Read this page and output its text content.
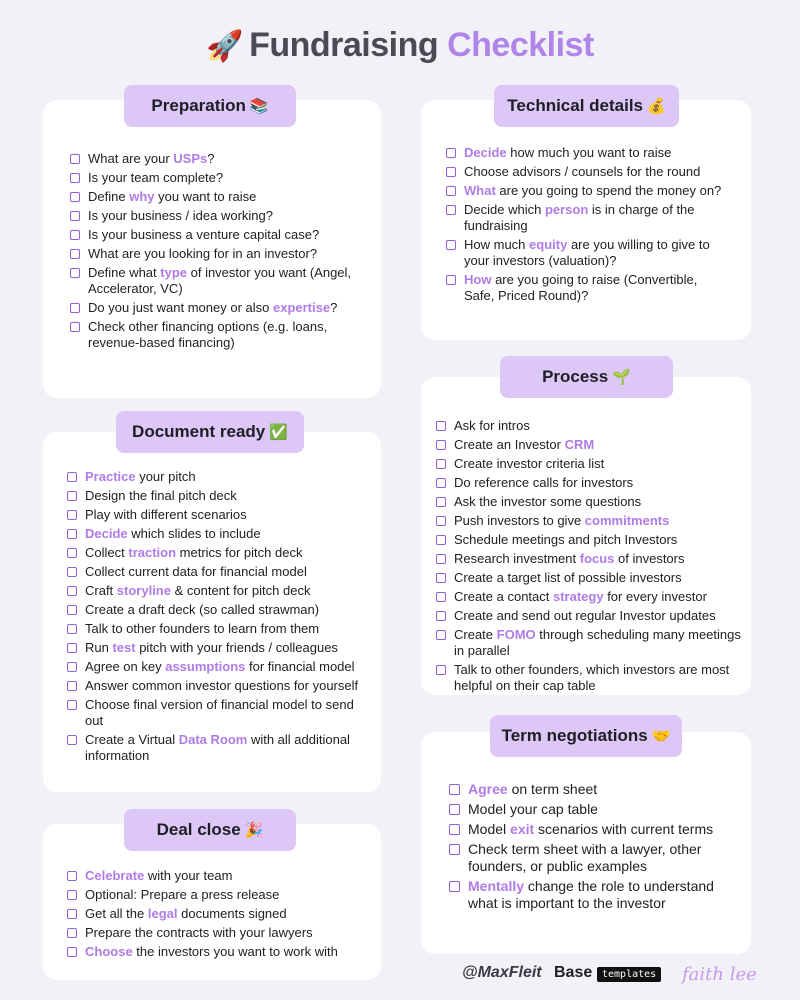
🚀 Fundraising Checklist
Preparation 📚
What are your USPs?
Is your team complete?
Define why you want to raise
Is your business / idea working?
Is your business a venture capital case?
What are you looking for in an investor?
Define what type of investor you want (Angel, Accelerator, VC)
Do you just want money or also expertise?
Check other financing options (e.g. loans, revenue-based financing)
Technical details 💰
Decide how much you want to raise
Choose advisors / counsels for the round
What are you going to spend the money on?
Decide which person is in charge of the fundraising
How much equity are you willing to give to your investors (valuation)?
How are you going to raise (Convertible, Safe, Priced Round)?
Document ready ✅
Practice your pitch
Design the final pitch deck
Play with different scenarios
Decide which slides to include
Collect traction metrics for pitch deck
Collect current data for financial model
Craft storyline & content for pitch deck
Create a draft deck (so called strawman)
Talk to other founders to learn from them
Run test pitch with your friends / colleagues
Agree on key assumptions for financial model
Answer common investor questions for yourself
Choose final version of financial model to send out
Create a Virtual Data Room with all additional information
Process 🌱
Ask for intros
Create an Investor CRM
Create investor criteria list
Do reference calls for investors
Ask the investor some questions
Push investors to give commitments
Schedule meetings and pitch Investors
Research investment focus of investors
Create a target list of possible investors
Create a contact strategy for every investor
Create and send out regular Investor updates
Create FOMO through scheduling many meetings in parallel
Talk to other founders, which investors are most helpful on their cap table
Deal close 🎉
Celebrate with your team
Optional: Prepare a press release
Get all the legal documents signed
Prepare the contracts with your lawyers
Choose the investors you want to work with
Term negotiations 🤝
Agree on term sheet
Model your cap table
Model exit scenarios with current terms
Check term sheet with a lawyer, other founders, or public examples
Mentally change the role to understand what is important to the investor
@MaxFleit Base templates faith lee
